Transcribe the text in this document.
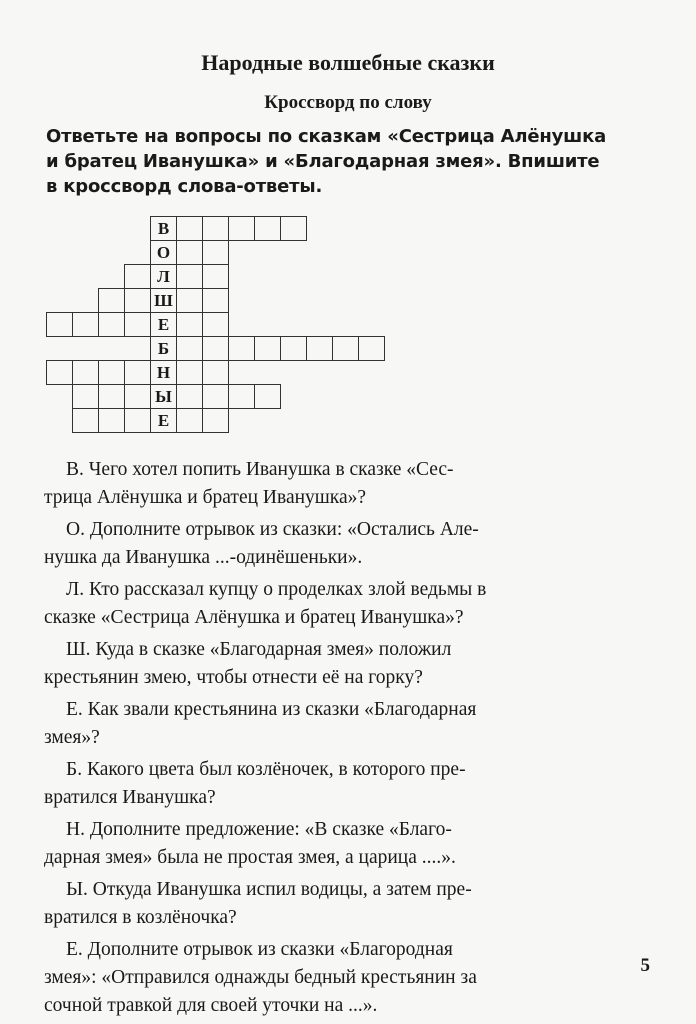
Народные волшебные сказки
Кроссворд по слову
Ответьте на вопросы по сказкам «Сестрица Алёнушка
и братец Иванушка» и «Благодарная змея». Впишите
в кроссворд слова-ответы.
В
О
Л
Ш
Е
Б
Н
Ы
Е
В. Чего хотел попить Иванушка в сказке «Сес-
трица Алёнушка и братец Иванушка»?
О. Дополните отрывок из сказки: «Остались Але-
нушка да Иванушка ...-одинёшеньки».
Л. Кто рассказал купцу о проделках злой ведьмы в
сказке «Сестрица Алёнушка и братец Иванушка»?
Ш. Куда в сказке «Благодарная змея» положил
крестьянин змею, чтобы отнести её на горку?
Е. Как звали крестьянина из сказки «Благодарная
змея»?
Б. Какого цвета был козлёночек, в которого пре-
вратился Иванушка?
Н. Дополните предложение: «В сказке «Благо-
дарная змея» была не простая змея, а царица ....».
Ы. Откуда Иванушка испил водицы, а затем пре-
вратился в козлёночка?
Е. Дополните отрывок из сказки «Благородная
змея»: «Отправился однажды бедный крестьянин за
сочной травкой для своей уточки на ...».
5
